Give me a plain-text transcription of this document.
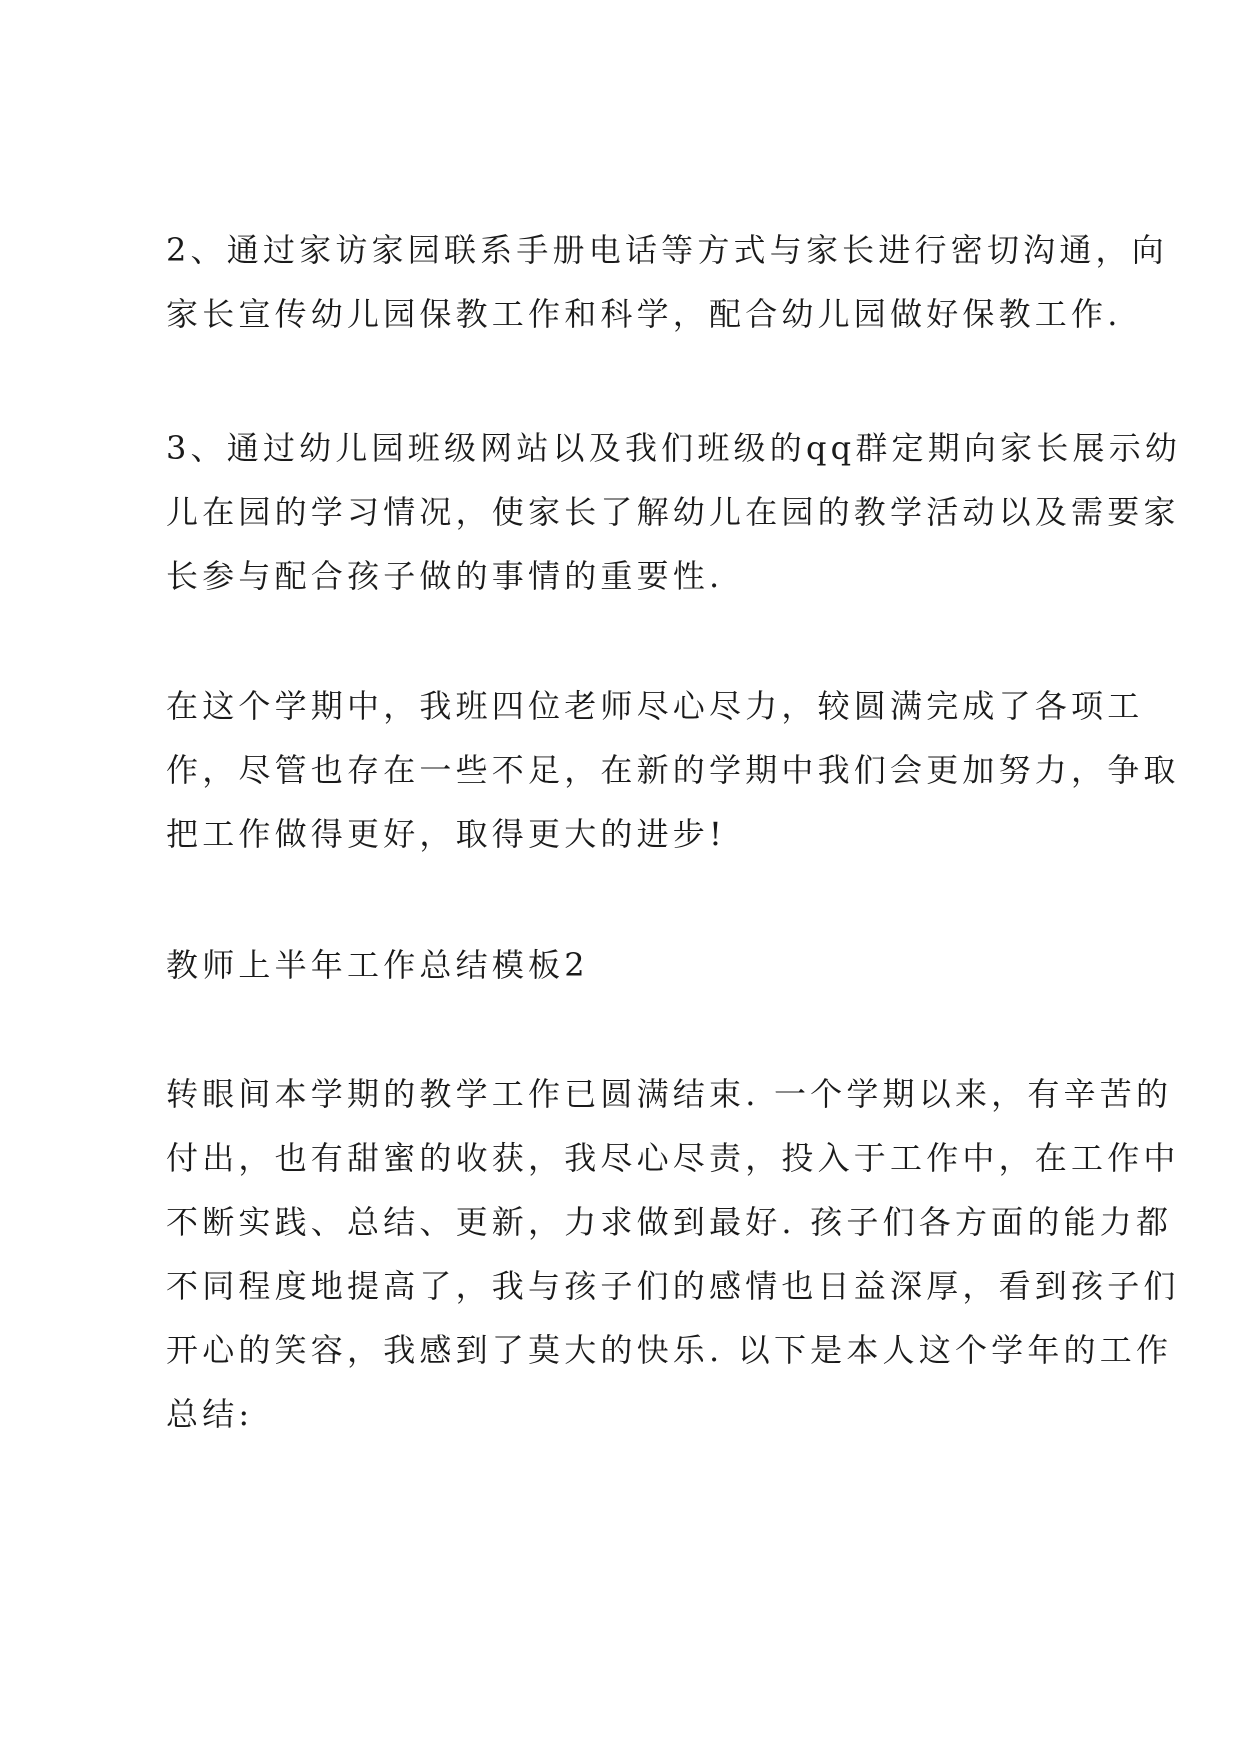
2、通过家访家园联系手册电话等方式与家长进行密切沟通，向
家长宣传幼儿园保教工作和科学，配合幼儿园做好保教工作.

3、通过幼儿园班级网站以及我们班级的qq群定期向家长展示幼
儿在园的学习情况，使家长了解幼儿在园的教学活动以及需要家
长参与配合孩子做的事情的重要性.

在这个学期中，我班四位老师尽心尽力，较圆满完成了各项工
作，尽管也存在一些不足，在新的学期中我们会更加努力，争取
把工作做得更好，取得更大的进步!

教师上半年工作总结模板2

转眼间本学期的教学工作已圆满结束. 一个学期以来，有辛苦的
付出，也有甜蜜的收获，我尽心尽责，投入于工作中，在工作中
不断实践、总结、更新，力求做到最好. 孩子们各方面的能力都
不同程度地提高了，我与孩子们的感情也日益深厚，看到孩子们
开心的笑容，我感到了莫大的快乐. 以下是本人这个学年的工作
总结:
